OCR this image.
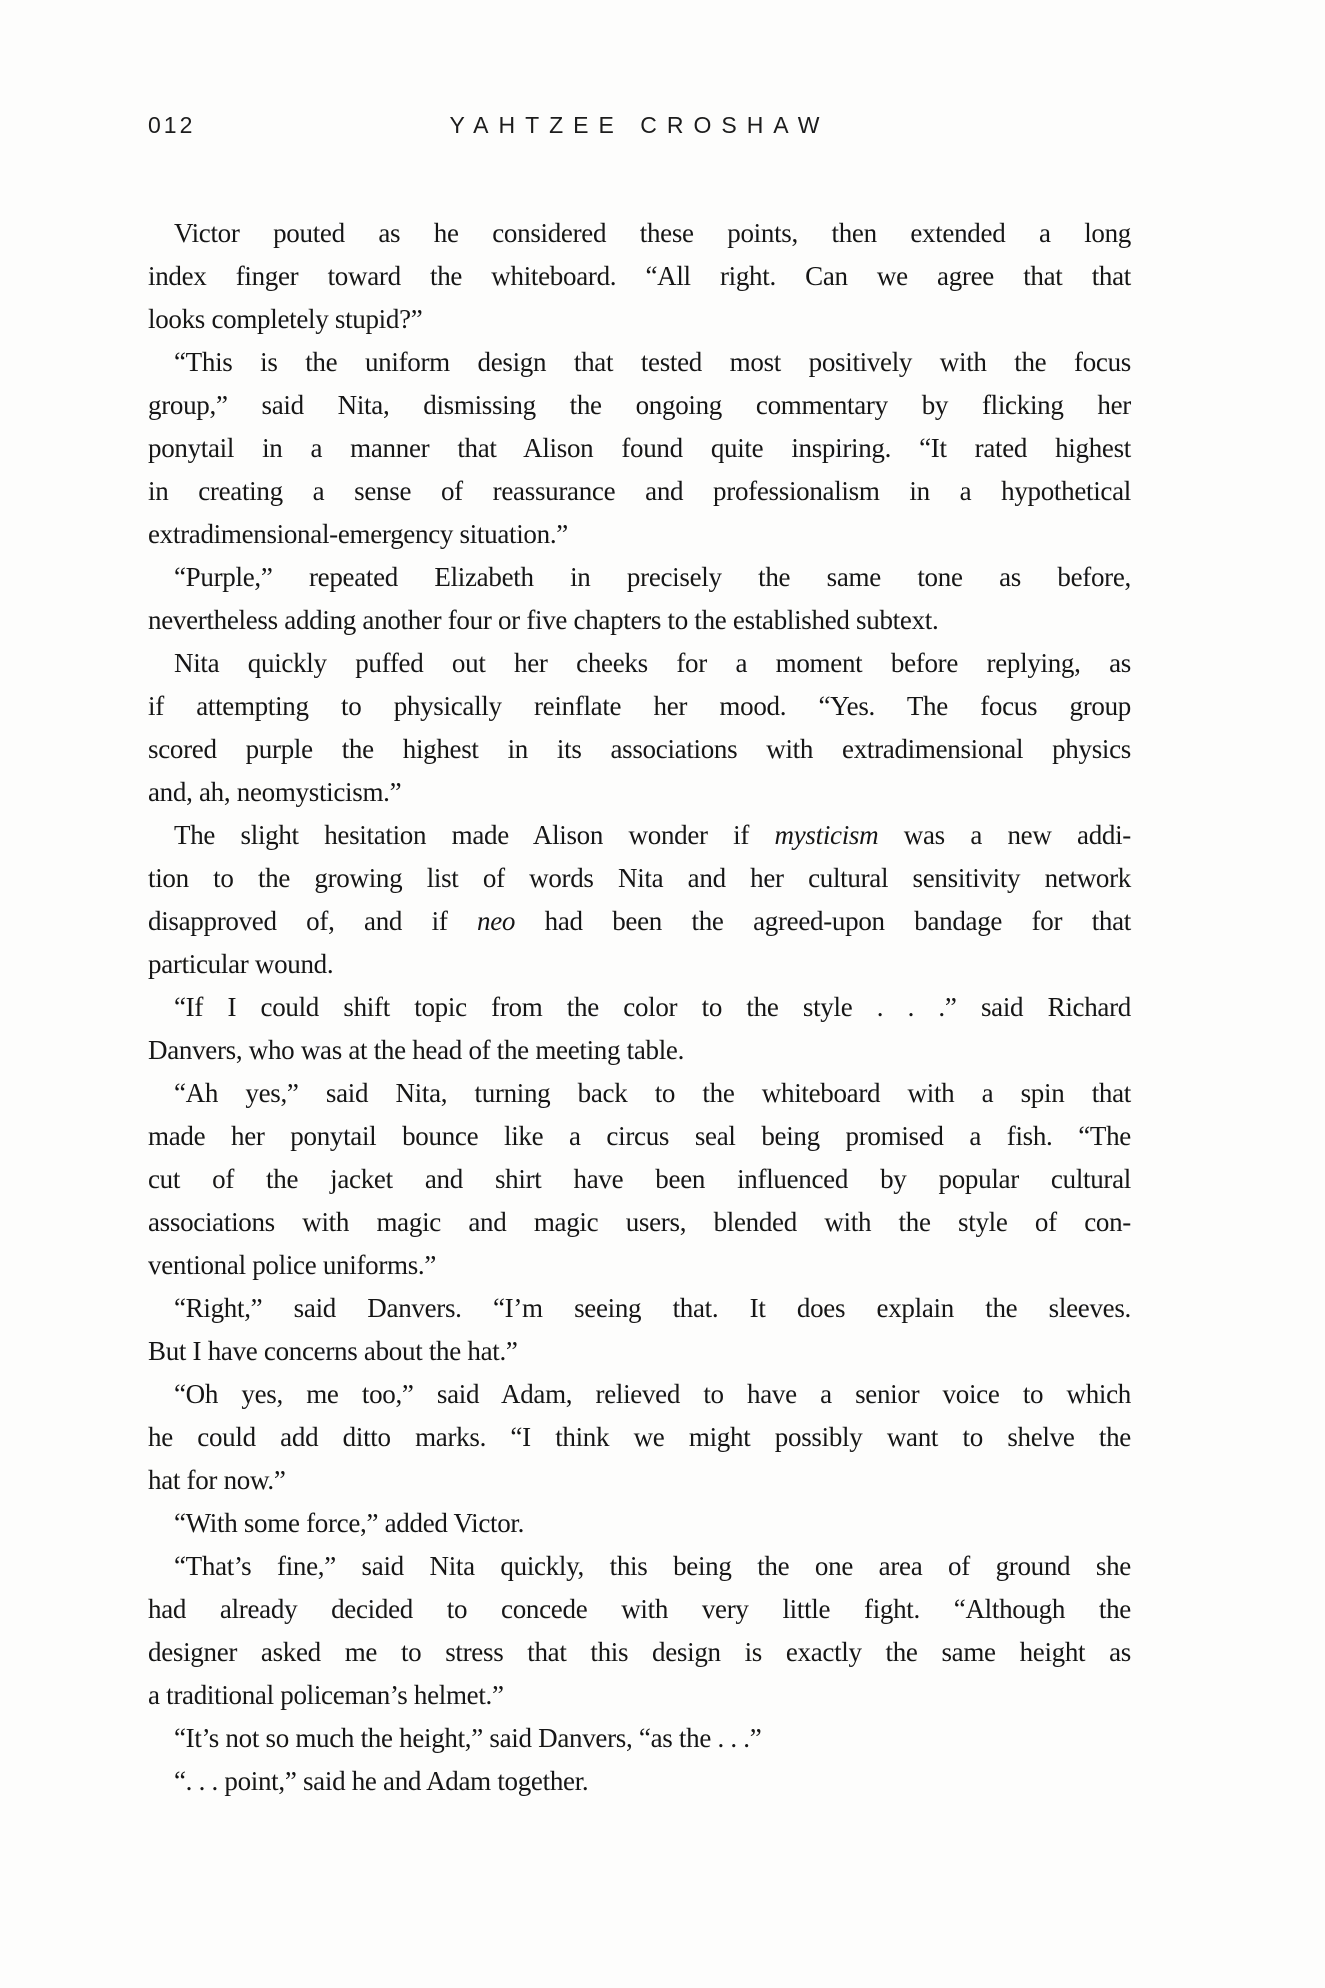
012	YAHTZEE CROSHAW

Victor pouted as he considered these points, then extended a long
index finger toward the whiteboard. “All right. Can we agree that that
looks completely stupid?”

“This is the uniform design that tested most positively with the focus
group,” said Nita, dismissing the ongoing commentary by flicking her
ponytail in a manner that Alison found quite inspiring. “It rated highest
in creating a sense of reassurance and professionalism in a hypothetical
extradimensional-emergency situation.”

“Purple,” repeated Elizabeth in precisely the same tone as before,
nevertheless adding another four or five chapters to the established subtext.

Nita quickly puffed out her cheeks for a moment before replying, as
if attempting to physically reinflate her mood. “Yes. The focus group
scored purple the highest in its associations with extradimensional physics
and, ah, neomysticism.”

The slight hesitation made Alison wonder if mysticism was a new addi-
tion to the growing list of words Nita and her cultural sensitivity network
disapproved of, and if neo had been the agreed-upon bandage for that
particular wound.

“If I could shift topic from the color to the style . . .” said Richard
Danvers, who was at the head of the meeting table.

“Ah yes,” said Nita, turning back to the whiteboard with a spin that
made her ponytail bounce like a circus seal being promised a fish. “The
cut of the jacket and shirt have been influenced by popular cultural
associations with magic and magic users, blended with the style of con-
ventional police uniforms.”

“Right,” said Danvers. “I’m seeing that. It does explain the sleeves.
But I have concerns about the hat.”

“Oh yes, me too,” said Adam, relieved to have a senior voice to which
he could add ditto marks. “I think we might possibly want to shelve the
hat for now.”

“With some force,” added Victor.

“That’s fine,” said Nita quickly, this being the one area of ground she
had already decided to concede with very little fight. “Although the
designer asked me to stress that this design is exactly the same height as
a traditional policeman’s helmet.”

“It’s not so much the height,” said Danvers, “as the . . .”

“. . . point,” said he and Adam together.
